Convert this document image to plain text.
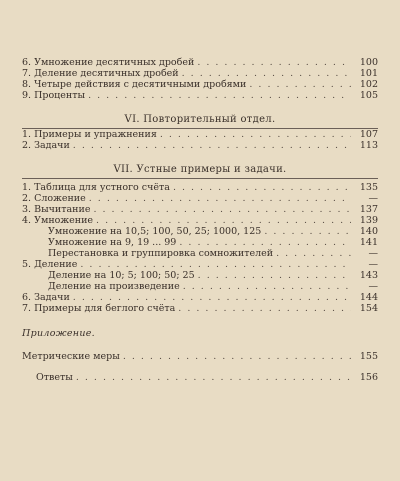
6. Умножение десятичных дробей . . .	100
7. Деление десятичных дробей . . .	101
8. Четыре действия с десятичными дробями . . .	102
9. Проценты . . .	105
VI. Повторительный отдел.
1. Примеры и упражнения . . .	107
2. Задачи . . .	113
VII. Устные примеры и задачи.
1. Таблица для устного счёта . . .	135
2. Сложение . . .	—
3. Вычитание . . .	137
4. Умножение . . .	139
Умножение на 10,5; 100, 50, 25; 1000, 125 . . .	140
Умножение на 9, 19 ... 99 . . .	141
Перестановка и группировка сомножителей . . .	—
5. Деление . . .	—
Деление на 10; 5; 100; 50; 25 . . .	143
Деление на произведение . . .	—
6. Задачи . . .	144
7. Примеры для беглого счёта . . .	154
Приложение.
Метрические меры . . .	155
Ответы . . .	156
